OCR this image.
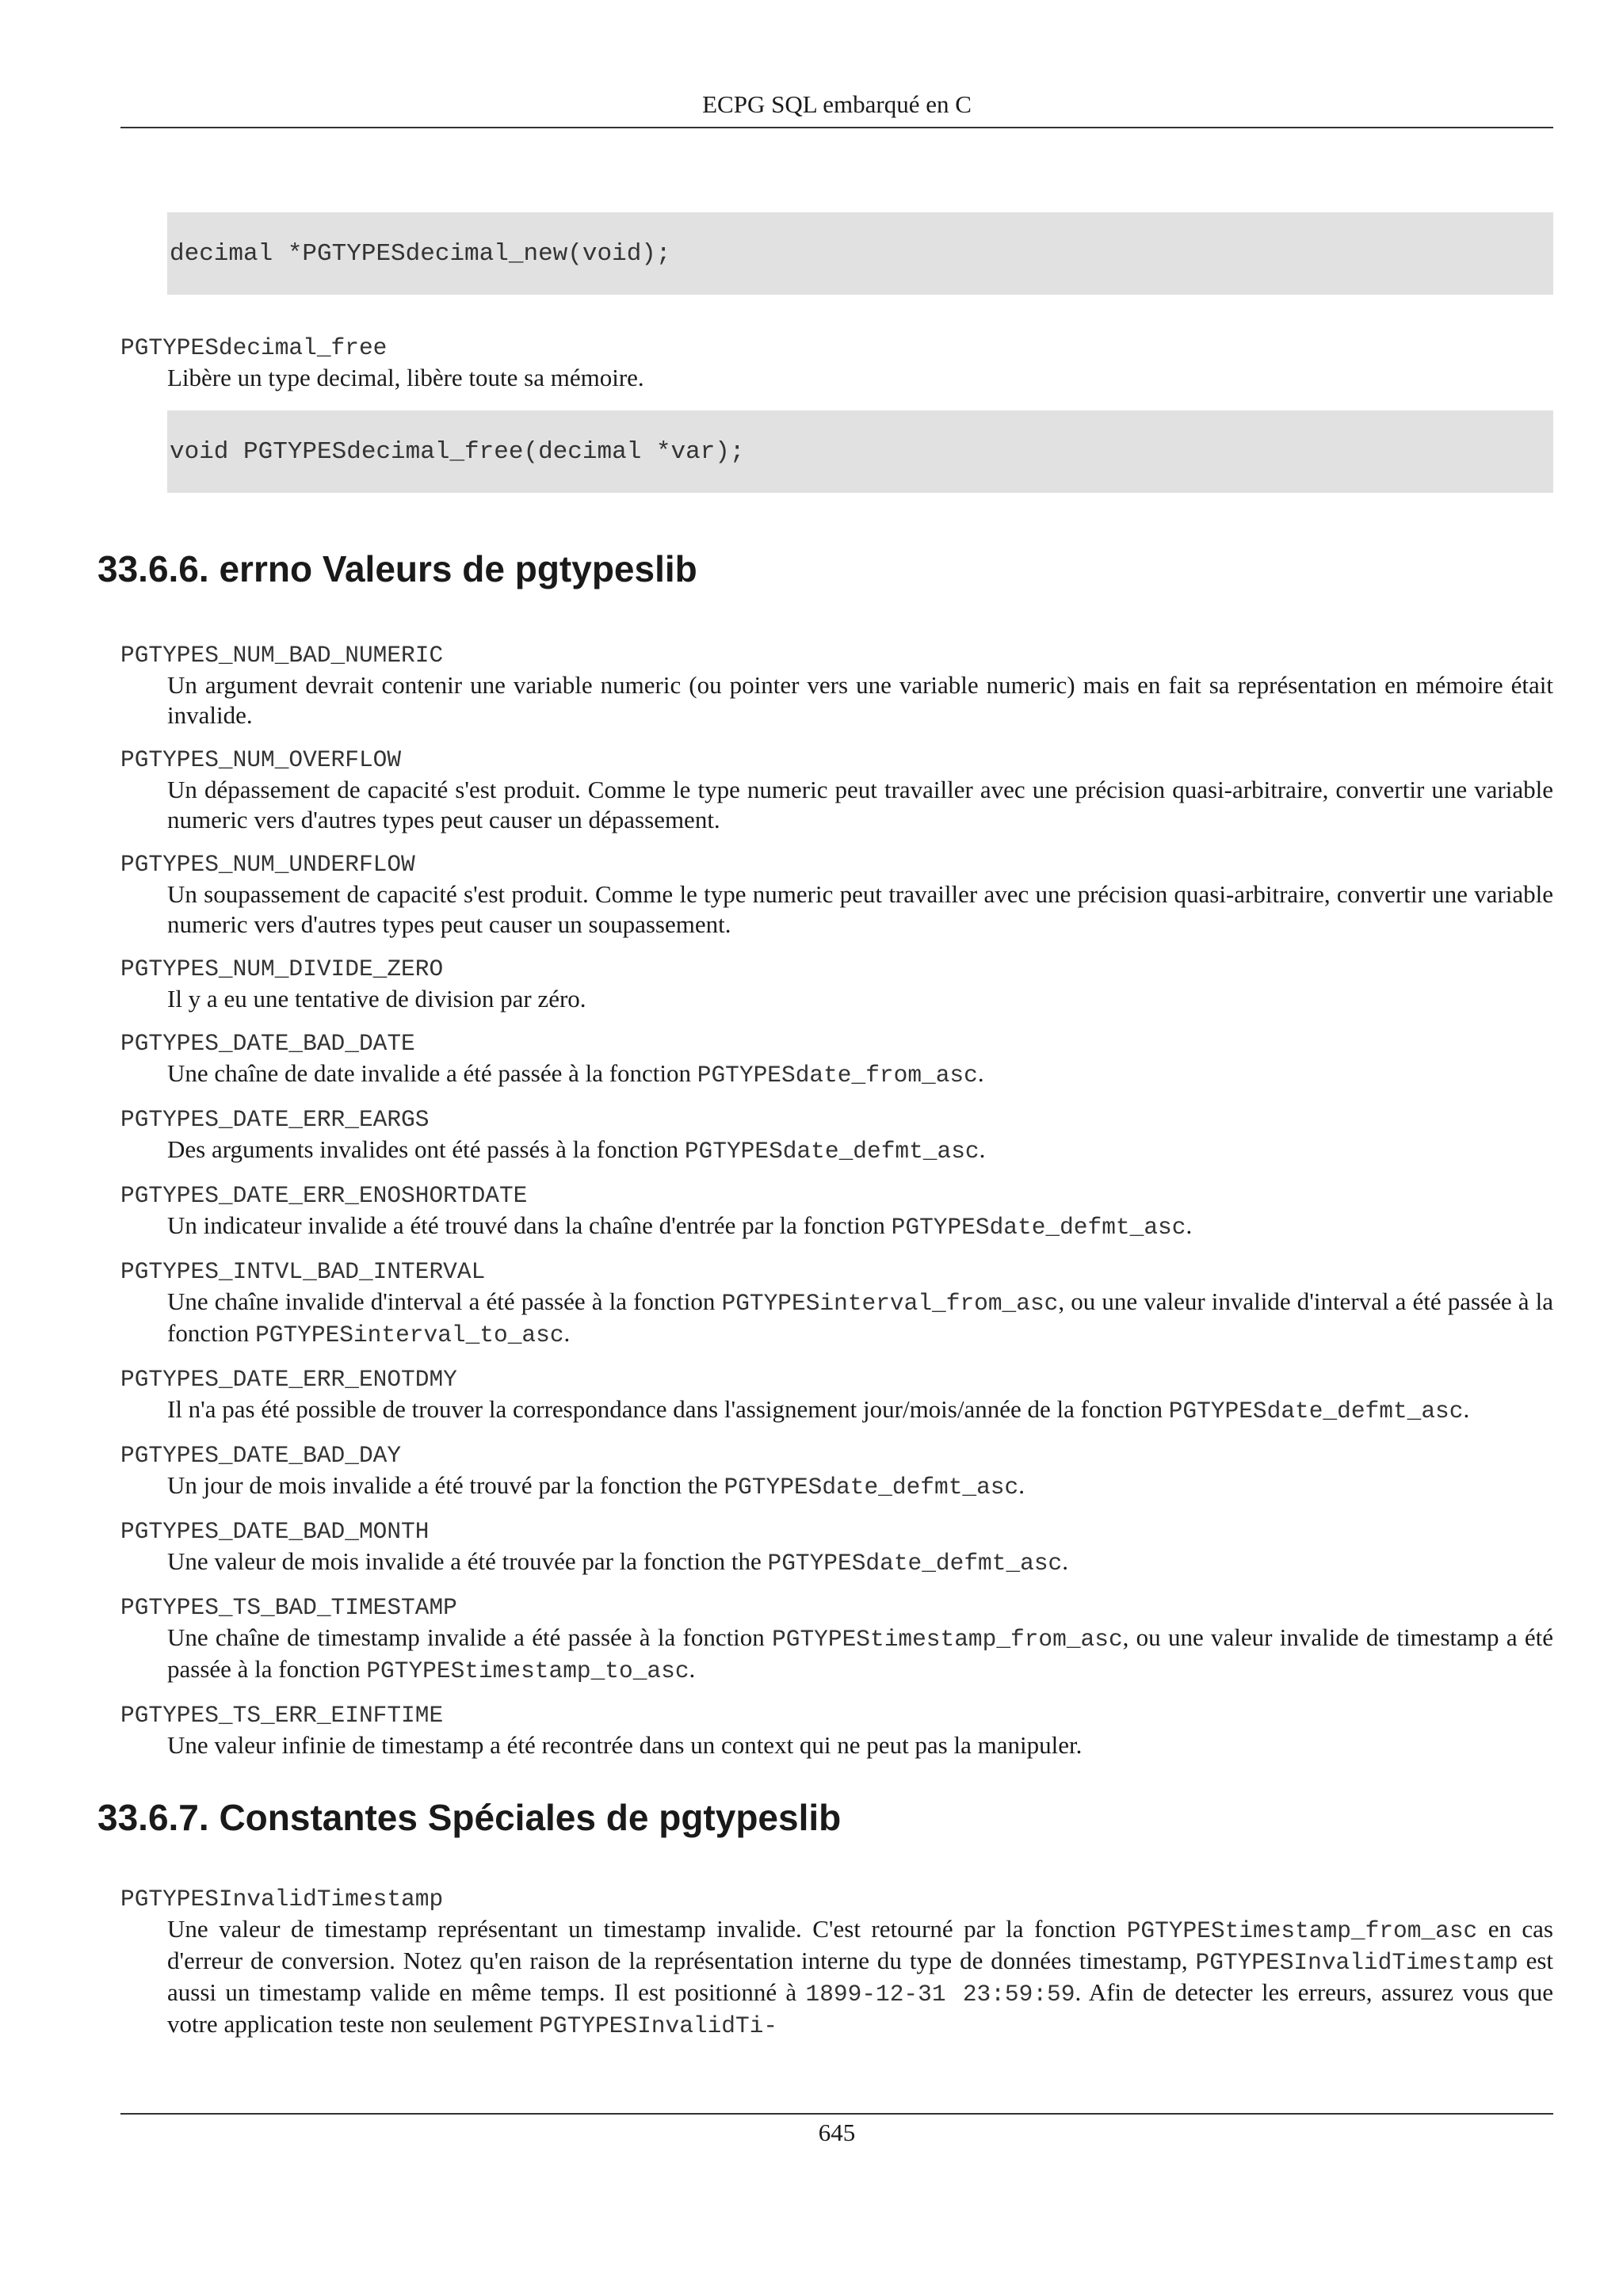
ECPG SQL embarqué en C
decimal *PGTYPESdecimal_new(void);
PGTYPESdecimal_free
Libère un type decimal, libère toute sa mémoire.
void PGTYPESdecimal_free(decimal *var);
33.6.6. errno Valeurs de pgtypeslib
PGTYPES_NUM_BAD_NUMERIC
Un argument devrait contenir une variable numeric (ou pointer vers une variable numeric) mais en fait sa représentation en mémoire était invalide.
PGTYPES_NUM_OVERFLOW
Un dépassement de capacité s'est produit. Comme le type numeric peut travailler avec une précision quasi-arbitraire, convertir une variable numeric vers d'autres types peut causer un dépassement.
PGTYPES_NUM_UNDERFLOW
Un soupassement de capacité s'est produit. Comme le type numeric peut travailler avec une précision quasi-arbitraire, convertir une variable numeric vers d'autres types peut causer un soupassement.
PGTYPES_NUM_DIVIDE_ZERO
Il y a eu une tentative de division par zéro.
PGTYPES_DATE_BAD_DATE
Une chaîne de date invalide a été passée à la fonction PGTYPESdate_from_asc.
PGTYPES_DATE_ERR_EARGS
Des arguments invalides ont été passés à la fonction PGTYPESdate_defmt_asc.
PGTYPES_DATE_ERR_ENOSHORTDATE
Un indicateur invalide a été trouvé dans la chaîne d'entrée par la fonction PGTYPESdate_defmt_asc.
PGTYPES_INTVL_BAD_INTERVAL
Une chaîne invalide d'interval a été passée à la fonction PGTYPESinterval_from_asc, ou une valeur invalide d'interval a été passée à la fonction PGTYPESinterval_to_asc.
PGTYPES_DATE_ERR_ENOTDMY
Il n'a pas été possible de trouver la correspondance dans l'assignement jour/mois/année de la fonction PGTYPESdate_defmt_asc.
PGTYPES_DATE_BAD_DAY
Un jour de mois invalide a été trouvé par la fonction the PGTYPESdate_defmt_asc.
PGTYPES_DATE_BAD_MONTH
Une valeur de mois invalide a été trouvée par la fonction the PGTYPESdate_defmt_asc.
PGTYPES_TS_BAD_TIMESTAMP
Une chaîne de timestamp invalide a été passée à la fonction PGTYPEStimestamp_from_asc, ou une valeur invalide de timestamp a été passée à la fonction PGTYPEStimestamp_to_asc.
PGTYPES_TS_ERR_EINFTIME
Une valeur infinie de timestamp a été recontrée dans un context qui ne peut pas la manipuler.
33.6.7. Constantes Spéciales de pgtypeslib
PGTYPESInvalidTimestamp
Une valeur de timestamp représentant un timestamp invalide. C'est retourné par la fonction PGTYPEStimestamp_from_asc en cas d'erreur de conversion. Notez qu'en raison de la représentation interne du type de données timestamp, PGTYPESInvalidTimestamp est aussi un timestamp valide en même temps. Il est positionné à 1899-12-31 23:59:59. Afin de detecter les erreurs, assurez vous que votre application teste non seulement PGTYPESInvalidTi-
645
